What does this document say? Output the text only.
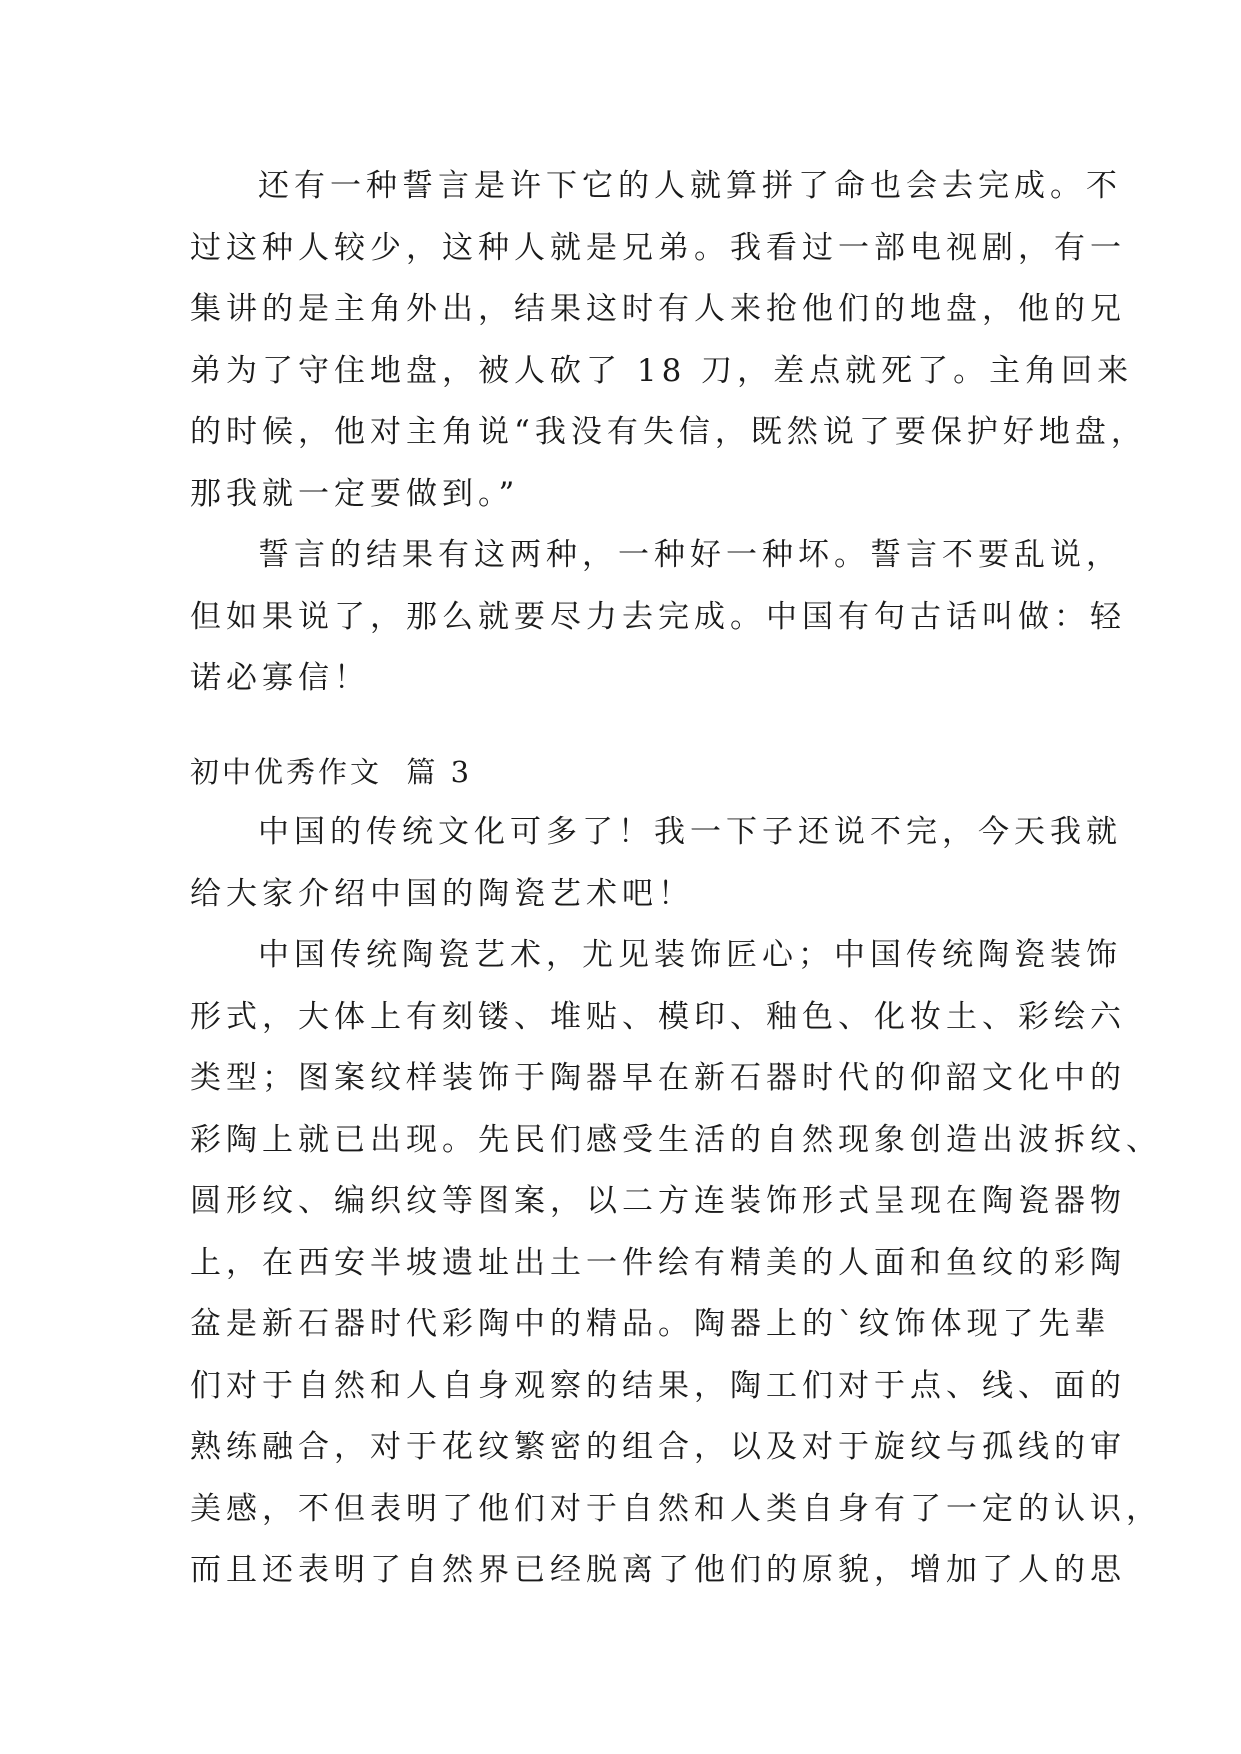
还有一种誓言是许下它的人就算拼了命也会去完成。不
过这种人较少，这种人就是兄弟。我看过一部电视剧，有一
集讲的是主角外出，结果这时有人来抢他们的地盘，他的兄
弟为了守住地盘，被人砍了 18 刀，差点就死了。主角回来
的时候，他对主角说“我没有失信，既然说了要保护好地盘，
那我就一定要做到。”
誓言的结果有这两种，一种好一种坏。誓言不要乱说，
但如果说了，那么就要尽力去完成。中国有句古话叫做：轻
诺必寡信！
初中优秀作文  篇 3
中国的传统文化可多了！我一下子还说不完，今天我就
给大家介绍中国的陶瓷艺术吧！
中国传统陶瓷艺术，尤见装饰匠心；中国传统陶瓷装饰
形式，大体上有刻镂、堆贴、模印、釉色、化妆土、彩绘六
类型；图案纹样装饰于陶器早在新石器时代的仰韶文化中的
彩陶上就已出现。先民们感受生活的自然现象创造出波拆纹、
圆形纹、编织纹等图案，以二方连装饰形式呈现在陶瓷器物
上，在西安半坡遗址出土一件绘有精美的人面和鱼纹的彩陶
盆是新石器时代彩陶中的精品。陶器上的`纹饰体现了先辈
们对于自然和人自身观察的结果，陶工们对于点、线、面的
熟练融合，对于花纹繁密的组合，以及对于旋纹与孤线的审
美感，不但表明了他们对于自然和人类自身有了一定的认识，
而且还表明了自然界已经脱离了他们的原貌，增加了人的思
